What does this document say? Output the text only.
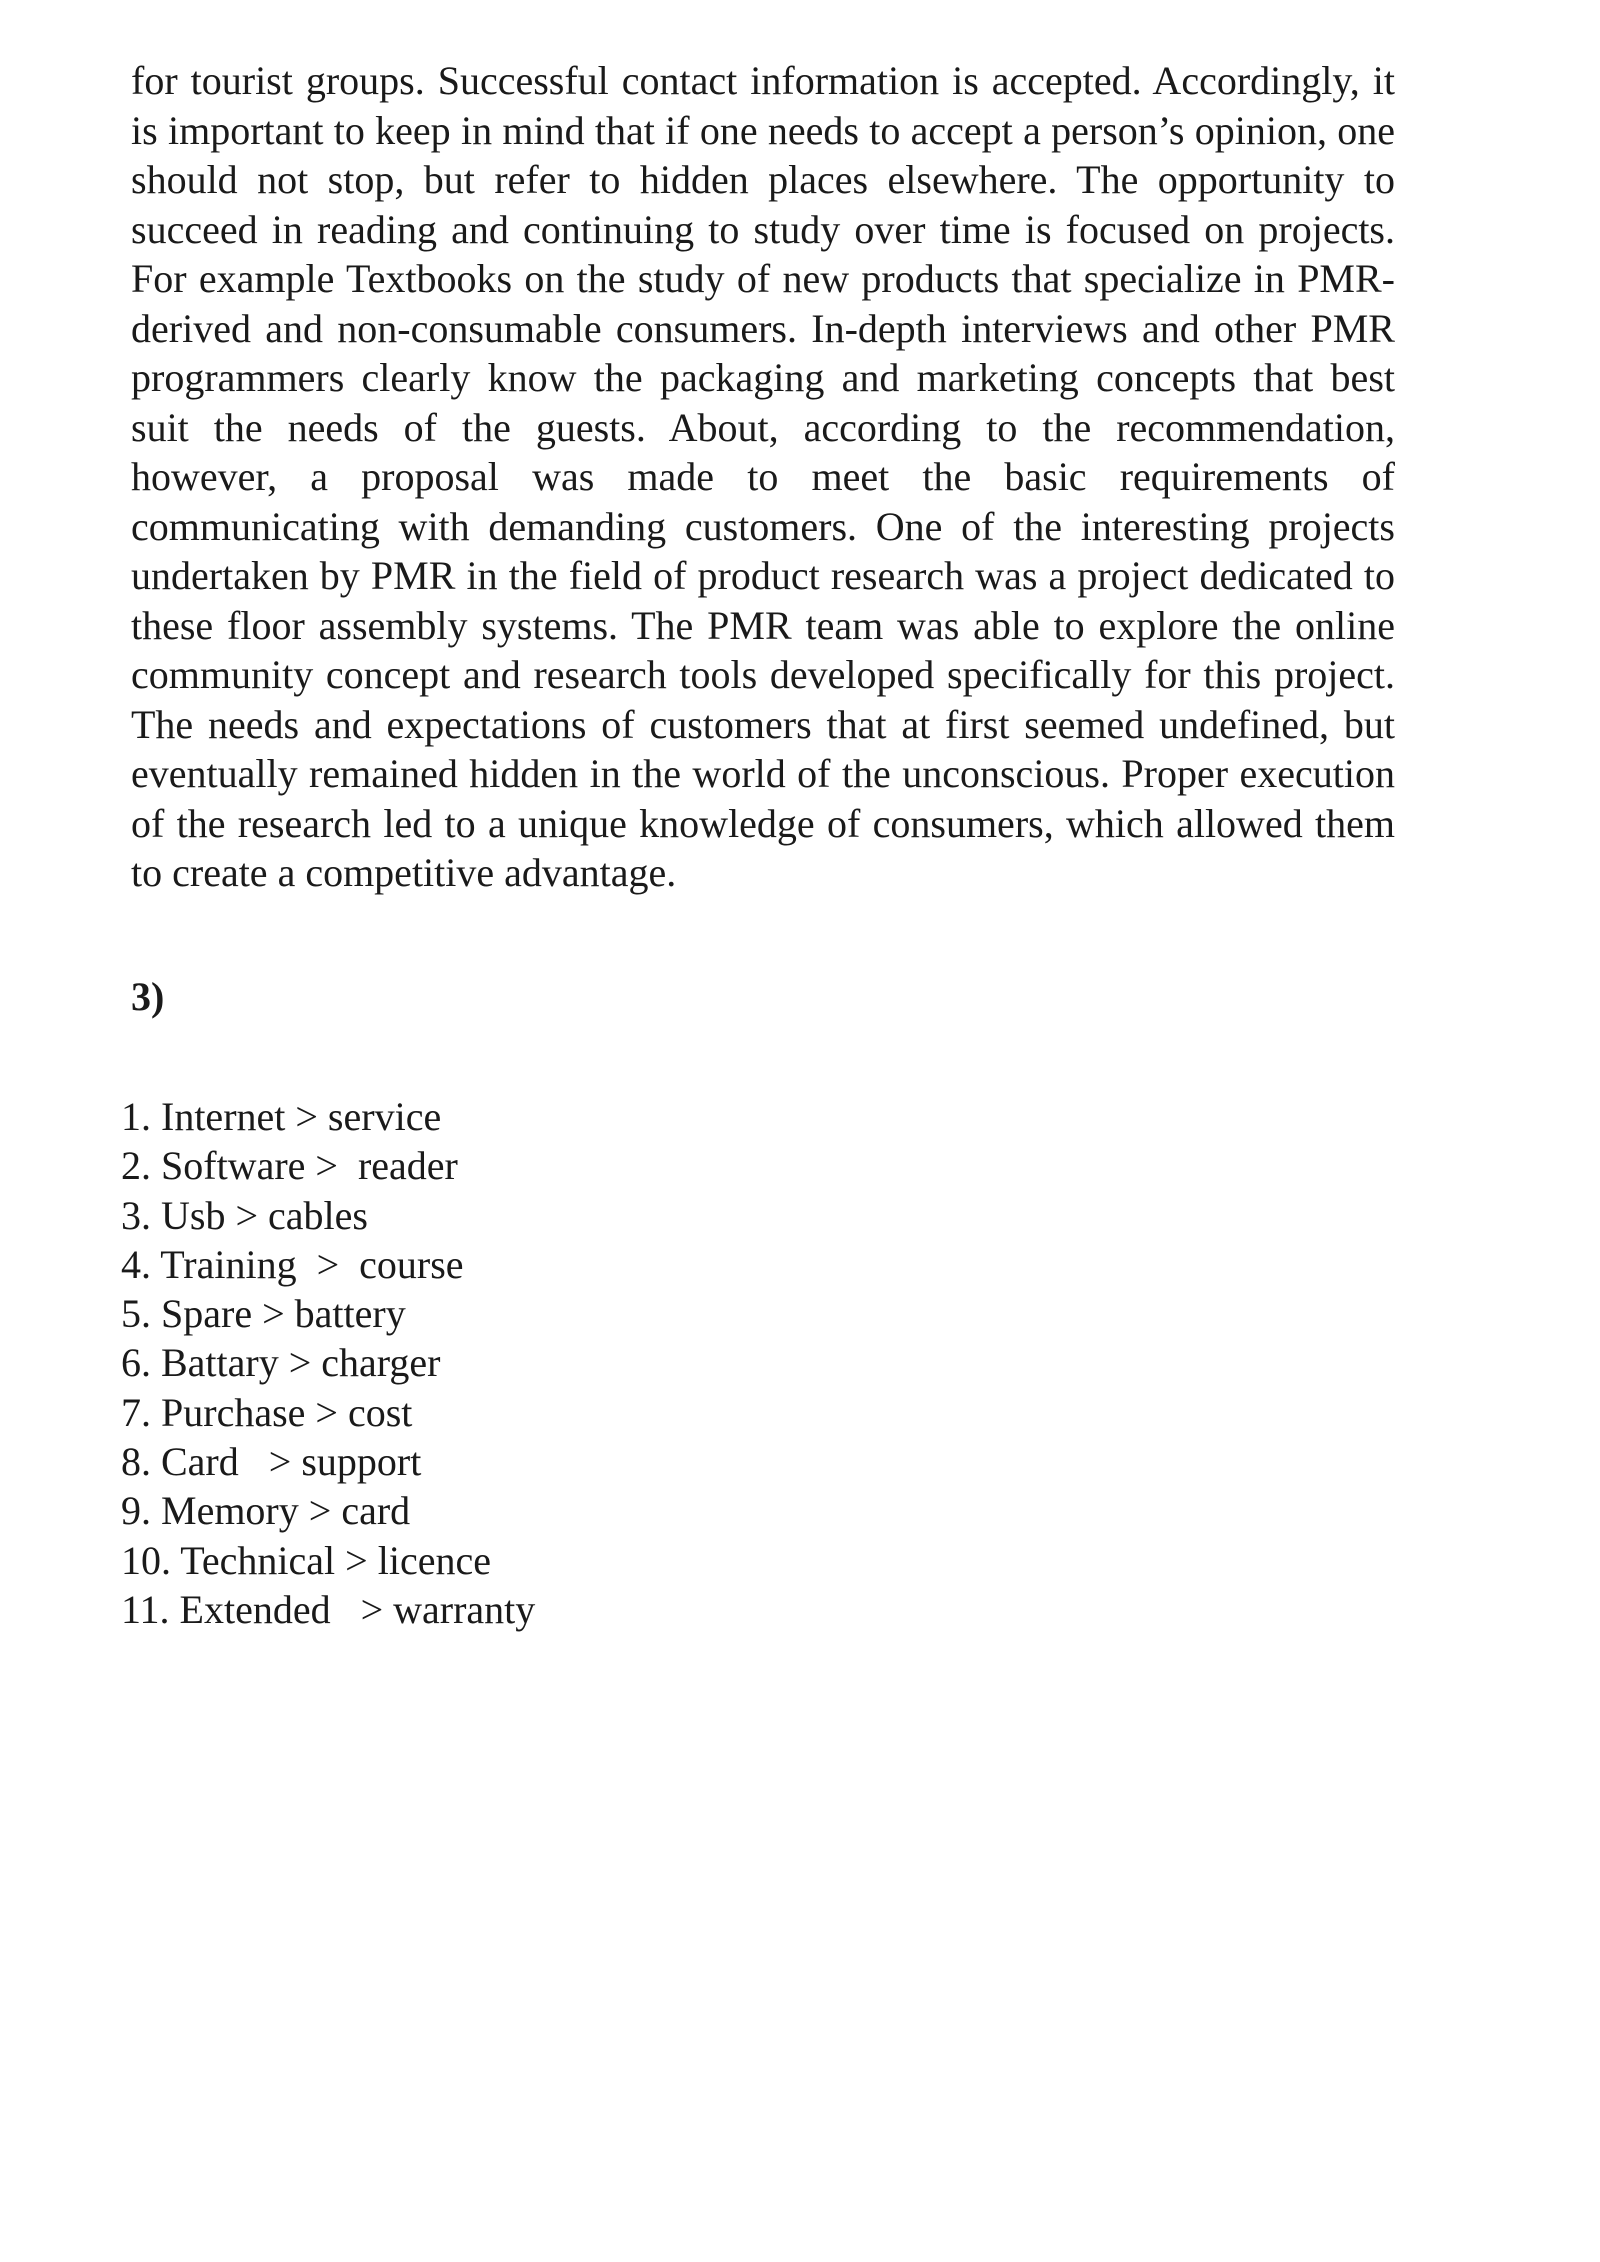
for tourist groups. Successful contact information is accepted. Accordingly, it is important to keep in mind that if one needs to accept a person’s opinion, one should not stop, but refer to hidden places elsewhere. The opportunity to succeed in reading and continuing to study over time is focused on projects. For example Textbooks on the study of new products that specialize in PMR-derived and non-consumable consumers. In-depth interviews and other PMR programmers clearly know the packaging and marketing concepts that best suit the needs of the guests. About, according to the recommendation, however, a proposal was made to meet the basic requirements of communicating with demanding customers. One of the interesting projects undertaken by PMR in the field of product research was a project dedicated to these floor assembly systems. The PMR team was able to explore the online community concept and research tools developed specifically for this project. The needs and expectations of customers that at first seemed undefined, but eventually remained hidden in the world of the unconscious. Proper execution of the research led to a unique knowledge of consumers, which allowed them to create a competitive advantage.

3)

1. Internet > service
2. Software >  reader
3. Usb > cables
4. Training  >  course
5. Spare > battery
6. Battary > charger
7. Purchase > cost
8. Card   > support
9. Memory > card
10. Technical > licence
11. Extended   > warranty
